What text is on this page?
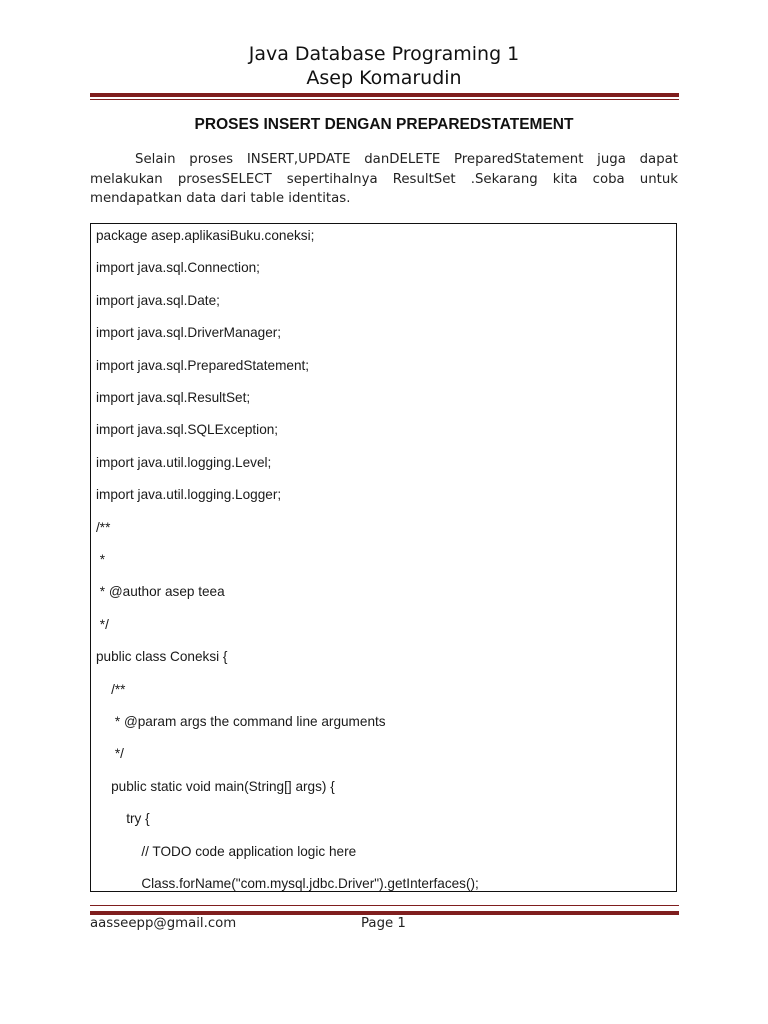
Java Database Programing 1
Asep Komarudin
PROSES INSERT DENGAN PREPAREDSTATEMENT

Selain proses INSERT,UPDATE danDELETE PreparedStatement juga dapat melakukan prosesSELECT sepertihalnya ResultSet .Sekarang kita coba untuk mendapatkan data dari table identitas.

package asep.aplikasiBuku.coneksi;
import java.sql.Connection;
import java.sql.Date;
import java.sql.DriverManager;
import java.sql.PreparedStatement;
import java.sql.ResultSet;
import java.sql.SQLException;
import java.util.logging.Level;
import java.util.logging.Logger;
/**
*
* @author asep teea
*/
public class Coneksi {
/**
* @param args the command line arguments
*/
public static void main(String[] args) {
try {
// TODO code application logic here
Class.forName("com.mysql.jdbc.Driver").getInterfaces();
aasseepp@gmail.com	Page 1
